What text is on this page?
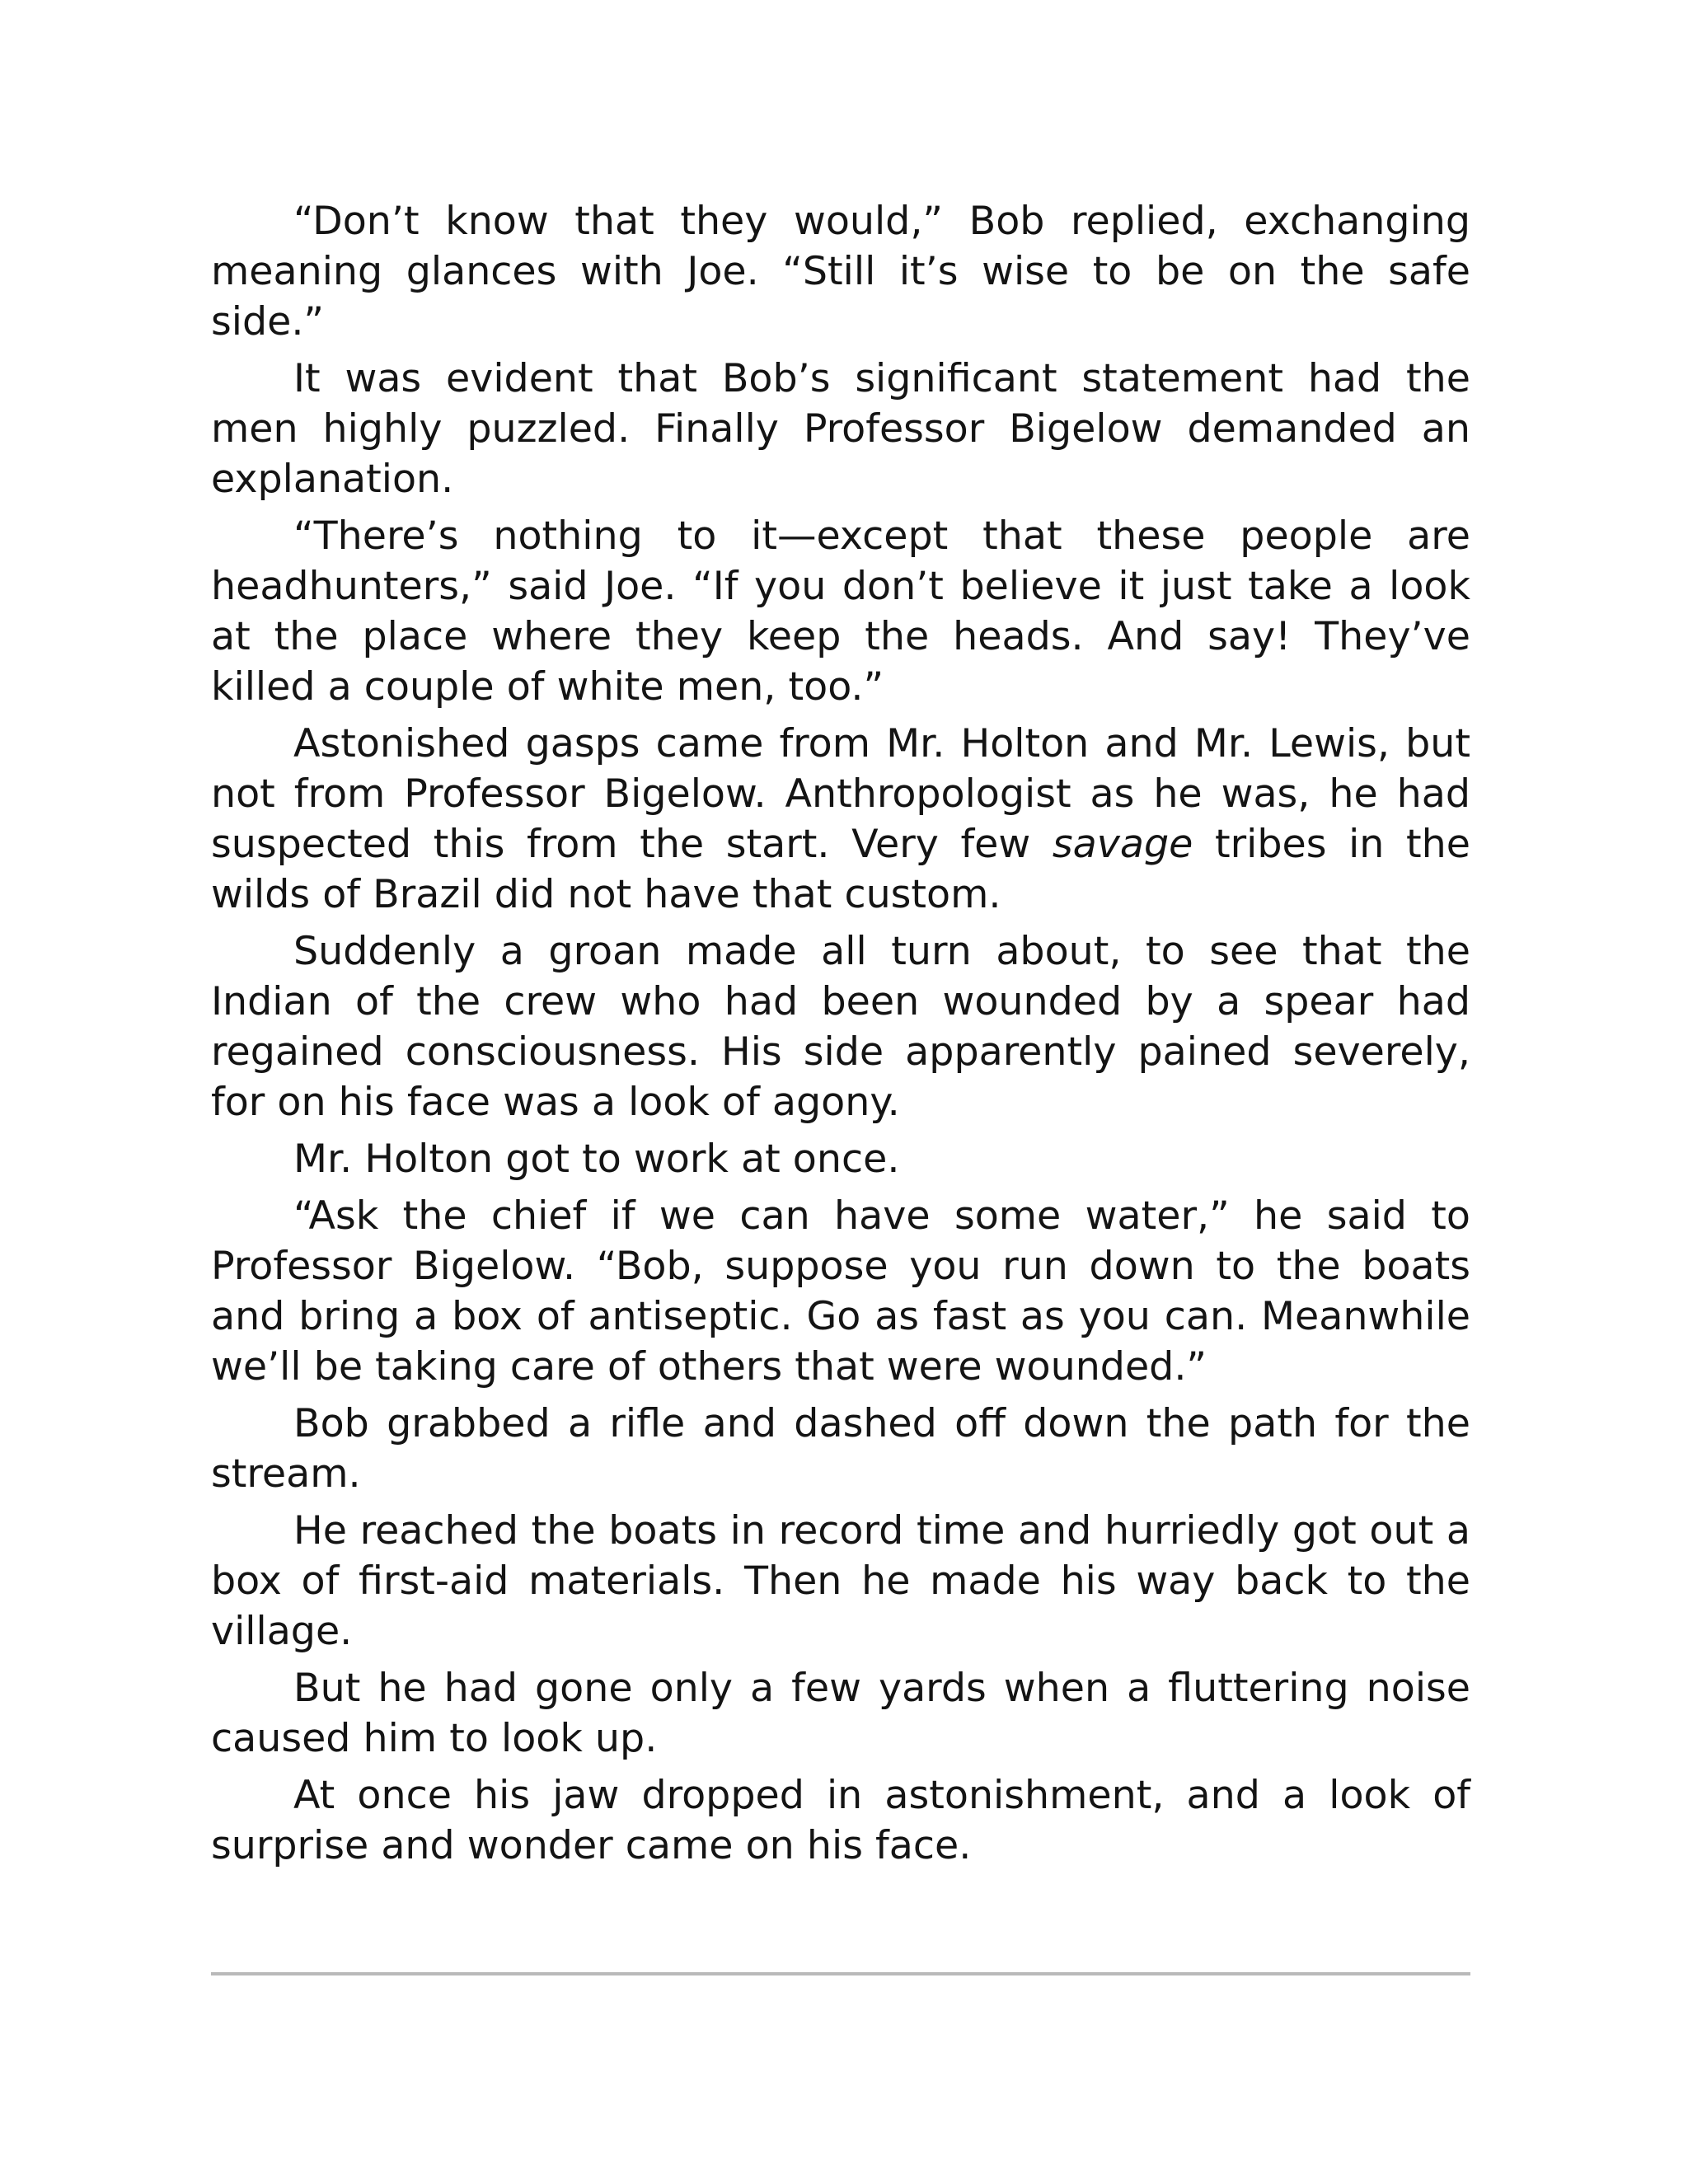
“Don’t know that they would,” Bob replied, exchanging meaning glances with Joe. “Still it’s wise to be on the safe side.”

It was evident that Bob’s significant statement had the men highly puzzled. Finally Professor Bigelow demanded an explanation.

“There’s nothing to it—except that these people are headhunters,” said Joe. “If you don’t believe it just take a look at the place where they keep the heads. And say! They’ve killed a couple of white men, too.”

Astonished gasps came from Mr. Holton and Mr. Lewis, but not from Professor Bigelow. Anthropologist as he was, he had suspected this from the start. Very few savage tribes in the wilds of Brazil did not have that custom.

Suddenly a groan made all turn about, to see that the Indian of the crew who had been wounded by a spear had regained consciousness. His side apparently pained severely, for on his face was a look of agony.

Mr. Holton got to work at once.

“Ask the chief if we can have some water,” he said to Professor Bigelow. “Bob, suppose you run down to the boats and bring a box of antiseptic. Go as fast as you can. Meanwhile we’ll be taking care of others that were wounded.”

Bob grabbed a rifle and dashed off down the path for the stream.

He reached the boats in record time and hurriedly got out a box of first-aid materials. Then he made his way back to the village.

But he had gone only a few yards when a fluttering noise caused him to look up.

At once his jaw dropped in astonishment, and a look of surprise and wonder came on his face.
